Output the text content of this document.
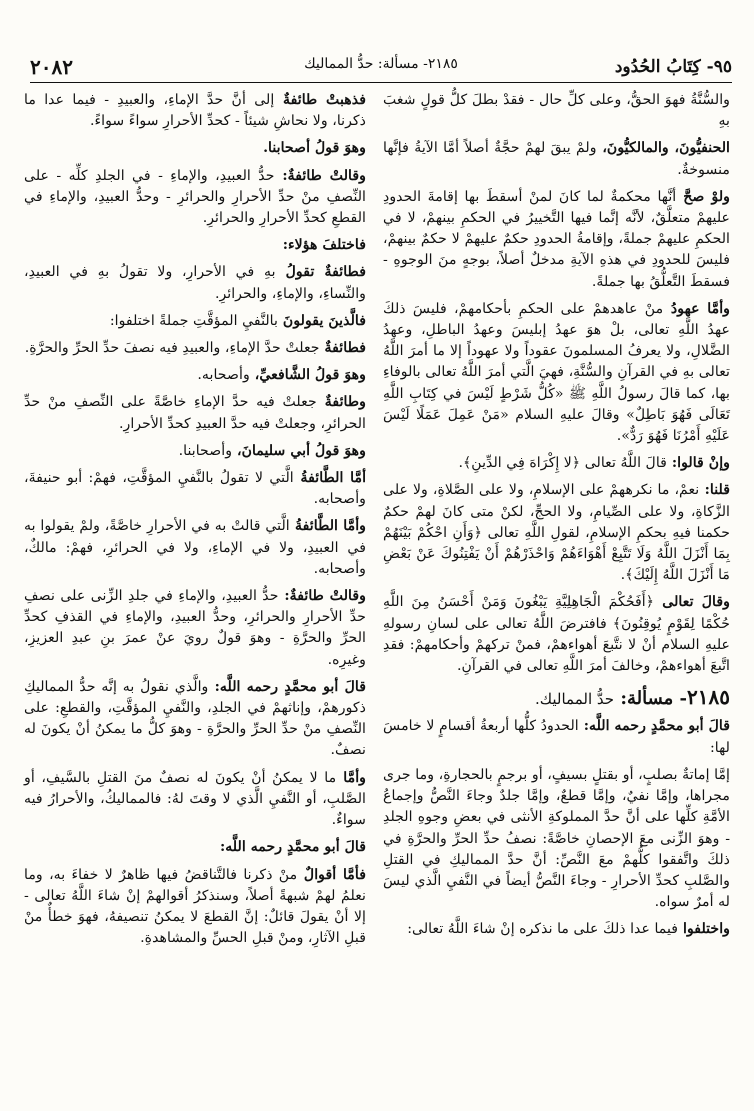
٩٥- كِتَابُ الحُدُود
٢١٨٥- مسألة: حدُّ المماليك
٢٠٨٢

والسُّنَّةُ فهوَ الحقُّ، وعلى كلِّ حال - فقدْ بطلَ كلُّ قولٍ شغبَ بهِ

الحنفيُّونَ، والمالكيُّونَ، ولمْ يبقَ لهمْ حجَّةٌ أصلاً أمَّا الآيةُ فإنَّها منسوخةٌ.

ولوْ صحَّ أنَّها محكمةٌ لما كانَ لمنْ أسقطَ بها إقامةَ الحدودِ عليهمْ متعلَّقٌ، لأنَّه إنَّما فيها التَّخييرُ في الحكمِ بينهمْ، لا في الحكمِ عليهمْ جملةً، وإقامةُ الحدودِ حكمٌ عليهمْ لا حكمٌ بينهمْ، فليسَ للحدودِ في هذهِ الآيةِ مدخلٌ أصلاً، بوجهٍ منَ الوجوهِ - فسقطَ التَّعلُّقُ بها جملةً.

وأمَّا عهودُ منْ عاهدهمْ على الحكمِ بأحكامهمْ، فليسَ ذلكَ عهدُ اللَّهِ تعالى، بلْ هوَ عهدُ إبليسَ وعهدُ الباطلِ، وعهدُ الضَّلالِ، ولا يعرفُ المسلمونَ عقوداً ولا عهوداً إلا ما أمرَ اللَّهُ تعالى بهِ في القرآنِ والسُّنَّةِ، فهيَ الَّتي أمرَ اللَّهُ تعالى بالوفاءِ بها، كما قالَ رسولُ اللَّهِ ﷺ «كُلُّ شَرْطٍ لَيْسَ في كِتَابِ اللَّهِ تَعَالَى فَهُوَ بَاطِلٌ» وقالَ عليهِ السلام «مَنْ عَمِلَ عَمَلًا لَيْسَ عَلَيْهِ أَمْرُنَا فَهُوَ رَدٌّ».

وإنْ قالوا: قالَ اللَّهُ تعالى ﴿لا إِكْرَاهَ فِي الدِّينِ﴾.

قلنا: نعمْ، ما نكرههمْ على الإسلامِ، ولا على الصَّلاةِ، ولا على الزَّكاةِ، ولا على الصِّيامِ، ولا الحجِّ، لكنْ متى كانَ لهمْ حكمٌ حكمنا فيهِ بحكمِ الإسلامِ، لقولِ اللَّهِ تعالى ﴿وَأَنِ احْكُمْ بَيْنَهُمْ بِمَا أَنْزَلَ اللَّهُ وَلَا تَتَّبِعْ أَهْوَاءَهُمْ وَاحْذَرْهُمْ أَنْ يَفْتِنُوكَ عَنْ بَعْضِ مَا أَنْزَلَ اللَّهُ إِلَيْكَ﴾.

وقالَ تعالى ﴿أَفَحُكْمَ الْجَاهِلِيَّةِ يَبْغُونَ وَمَنْ أَحْسَنُ مِنَ اللَّهِ حُكْمًا لِقَوْمٍ يُوقِنُونَ﴾ فافترضَ اللَّهُ تعالى على لسانِ رسولهِ عليهِ السلام أنْ لا نتَّبعَ أهواءهمْ، فمنْ تركهمْ وأحكامهمْ: فقدِ اتَّبعَ أهواءهمْ، وخالفَ أمرَ اللَّهِ تعالى في القرآنِ.

٢١٨٥- مسألة: حدُّ المماليك.

قالَ أبو محمَّدٍ رحمه اللَّه: الحدودُ كلُّها أربعةُ أقسامٍ لا خامسَ لها:

إمَّا إماتةٌ بصلبٍ، أو بقتلٍ بسيفٍ، أو برجمٍ بالحجارةِ، وما جرى مجراها، وإمَّا نفيٌ، وإمَّا قطعٌ، وإمَّا جلدٌ وجاءَ النَّصُّ وإجماعُ الأمَّةِ كلِّها على أنَّ حدَّ المملوكةِ الأنثى في بعضِ وجوهِ الجلدِ - وهوَ الزِّنى معَ الإحصانِ خاصَّةً: نصفُ حدِّ الحرِّ والحرَّةِ في ذلكَ واتَّفقوا كلُّهمْ معَ النَّصِّ: أنَّ حدَّ المماليكِ في القتلِ والصَّلبِ كحدِّ الأحرارِ - وجاءَ النَّصُّ أيضاً في النَّفيِ الَّذي ليسَ له أمرٌ سواه.

واختلفوا فيما عدا ذلكَ على ما نذكره إنْ شاءَ اللَّهُ تعالى:

فذهبتْ طائفةٌ إلى أنَّ حدَّ الإماءِ، والعبيدِ - فيما عدا ما ذكرنا، ولا نحاشِ شيئاً - كحدِّ الأحرارِ سواءً سواءً.

وهوَ قولُ أصحابنا.

وقالتْ طائفةٌ: حدُّ العبيدِ، والإماءِ - في الجلدِ كلِّه - على النِّصفِ منْ حدِّ الأحرارِ والحرائرِ - وحدُّ العبيدِ، والإماءِ في القطعِ كحدِّ الأحرارِ والحرائرِ.

فاختلفَ هؤلاء:

فطائفةٌ تقولُ بهِ في الأحرارِ، ولا تقولُ بهِ في العبيدِ، والنِّساءِ، والإماءِ، والحرائرِ.

فالَّذينَ يقولونَ بالنَّفيِ المؤقَّتِ جملةً اختلفوا:

فطائفةٌ جعلتْ حدَّ الإماءِ، والعبيدِ فيه نصفَ حدِّ الحرِّ والحرَّةِ.

وهوَ قولُ الشَّافعيِّ، وأصحابه.

وطائفةٌ جعلتْ فيه حدَّ الإماءِ خاصَّةً على النِّصفِ منْ حدِّ الحرائرِ، وجعلتْ فيه حدَّ العبيدِ كحدِّ الأحرارِ.

وهوَ قولُ أبي سليمانَ، وأصحابنا.

أمَّا الطَّائفةُ الَّتي لا تقولُ بالنَّفيِ المؤقَّتِ، فهمْ: أبو حنيفةَ، وأصحابه.

وأمَّا الطَّائفةُ الَّتي قالتْ به في الأحرارِ خاصَّةً، ولمْ يقولوا به في العبيدِ، ولا في الإماءِ، ولا في الحرائرِ، فهمْ: مالكٌ، وأصحابه.

وقالتْ طائفةٌ: حدُّ العبيدِ، والإماءِ في جلدِ الزِّنى على نصفِ حدِّ الأحرارِ والحرائرِ، وحدُّ العبيدِ، والإماءِ في القذفِ كحدِّ الحرِّ والحرَّةِ - وهوَ قولٌ رويَ عنْ عمرَ بنِ عبدِ العزيزِ، وغيرِه.

قالَ أبو محمَّدٍ رحمه اللَّه: والَّذي نقولُ به إنَّه حدُّ المماليكِ ذكورهمْ، وإناثهمْ في الجلدِ، والنَّفيِ المؤقَّتِ، والقطعِ: على النِّصفِ منْ حدِّ الحرِّ والحرَّةِ - وهوَ كلُّ ما يمكنُ أنْ يكونَ له نصفٌ.

وأمَّا ما لا يمكنُ أنْ يكونَ له نصفٌ منَ القتلِ بالسَّيفِ، أو الصَّلبِ، أو النَّفيِ الَّذي لا وقتَ لهُ: فالمماليكُ، والأحرارُ فيه سواءٌ.

قالَ أبو محمَّدٍ رحمه اللَّه:

فأمَّا أقوالٌ منْ ذكرنا فالتَّناقضُ فيها ظاهرٌ لا خفاءَ به، وما نعلمُ لهمْ شبهةً أصلاً، وسنذكرُ أقوالهمْ إنْ شاءَ اللَّهُ تعالى - إلا أنْ يقولَ قائلٌ: إنَّ القطعَ لا يمكنُ تنصيفهُ، فهوَ خطأٌ منْ قبلِ الآثارِ، ومنْ قبلِ الحسِّ والمشاهدةِ.
